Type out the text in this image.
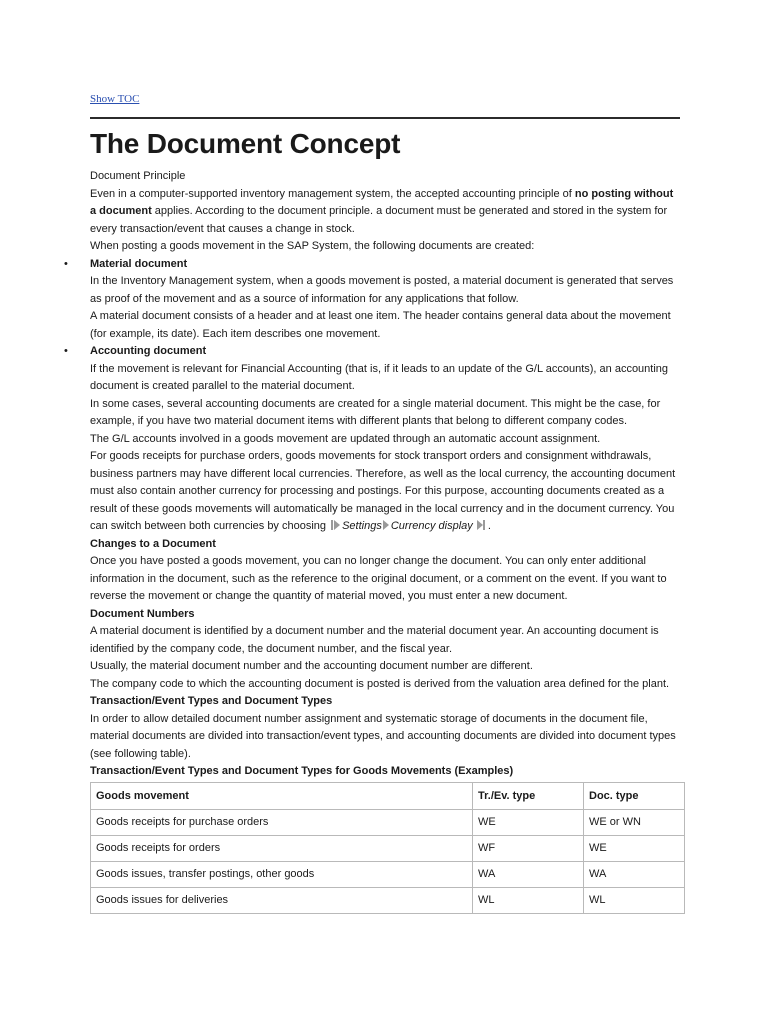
Show TOC
The Document Concept

Document Principle

Even in a computer-supported inventory management system, the accepted accounting principle of no posting without a document applies. According to the document principle. a document must be generated and stored in the system for every transaction/event that causes a change in stock.

When posting a goods movement in the SAP System, the following documents are created:

• Material document

In the Inventory Management system, when a goods movement is posted, a material document is generated that serves as proof of the movement and as a source of information for any applications that follow.

A material document consists of a header and at least one item. The header contains general data about the movement (for example, its date). Each item describes one movement.

• Accounting document

If the movement is relevant for Financial Accounting (that is, if it leads to an update of the G/L accounts), an accounting document is created parallel to the material document.

In some cases, several accounting documents are created for a single material document. This might be the case, for example, if you have two material document items with different plants that belong to different company codes.

The G/L accounts involved in a goods movement are updated through an automatic account assignment.

For goods receipts for purchase orders, goods movements for stock transport orders and consignment withdrawals, business partners may have different local currencies. Therefore, as well as the local currency, the accounting document must also contain another currency for processing and postings. For this purpose, accounting documents created as a result of these goods movements will automatically be managed in the local currency and in the document currency. You can switch between both currencies by choosing Settings Currency display .

Changes to a Document

Once you have posted a goods movement, you can no longer change the document. You can only enter additional information in the document, such as the reference to the original document, or a comment on the event. If you want to reverse the movement or change the quantity of material moved, you must enter a new document.

Document Numbers

A material document is identified by a document number and the material document year. An accounting document is identified by the company code, the document number, and the fiscal year.

Usually, the material document number and the accounting document number are different.

The company code to which the accounting document is posted is derived from the valuation area defined for the plant.

Transaction/Event Types and Document Types

In order to allow detailed document number assignment and systematic storage of documents in the document file, material documents are divided into transaction/event types, and accounting documents are divided into document types (see following table).

Transaction/Event Types and Document Types for Goods Movements (Examples)

Goods movement	Tr./Ev. type	Doc. type
Goods receipts for purchase orders	WE	WE or WN
Goods receipts for orders	WF	WE
Goods issues, transfer postings, other goods	WA	WA
Goods issues for deliveries	WL	WL
